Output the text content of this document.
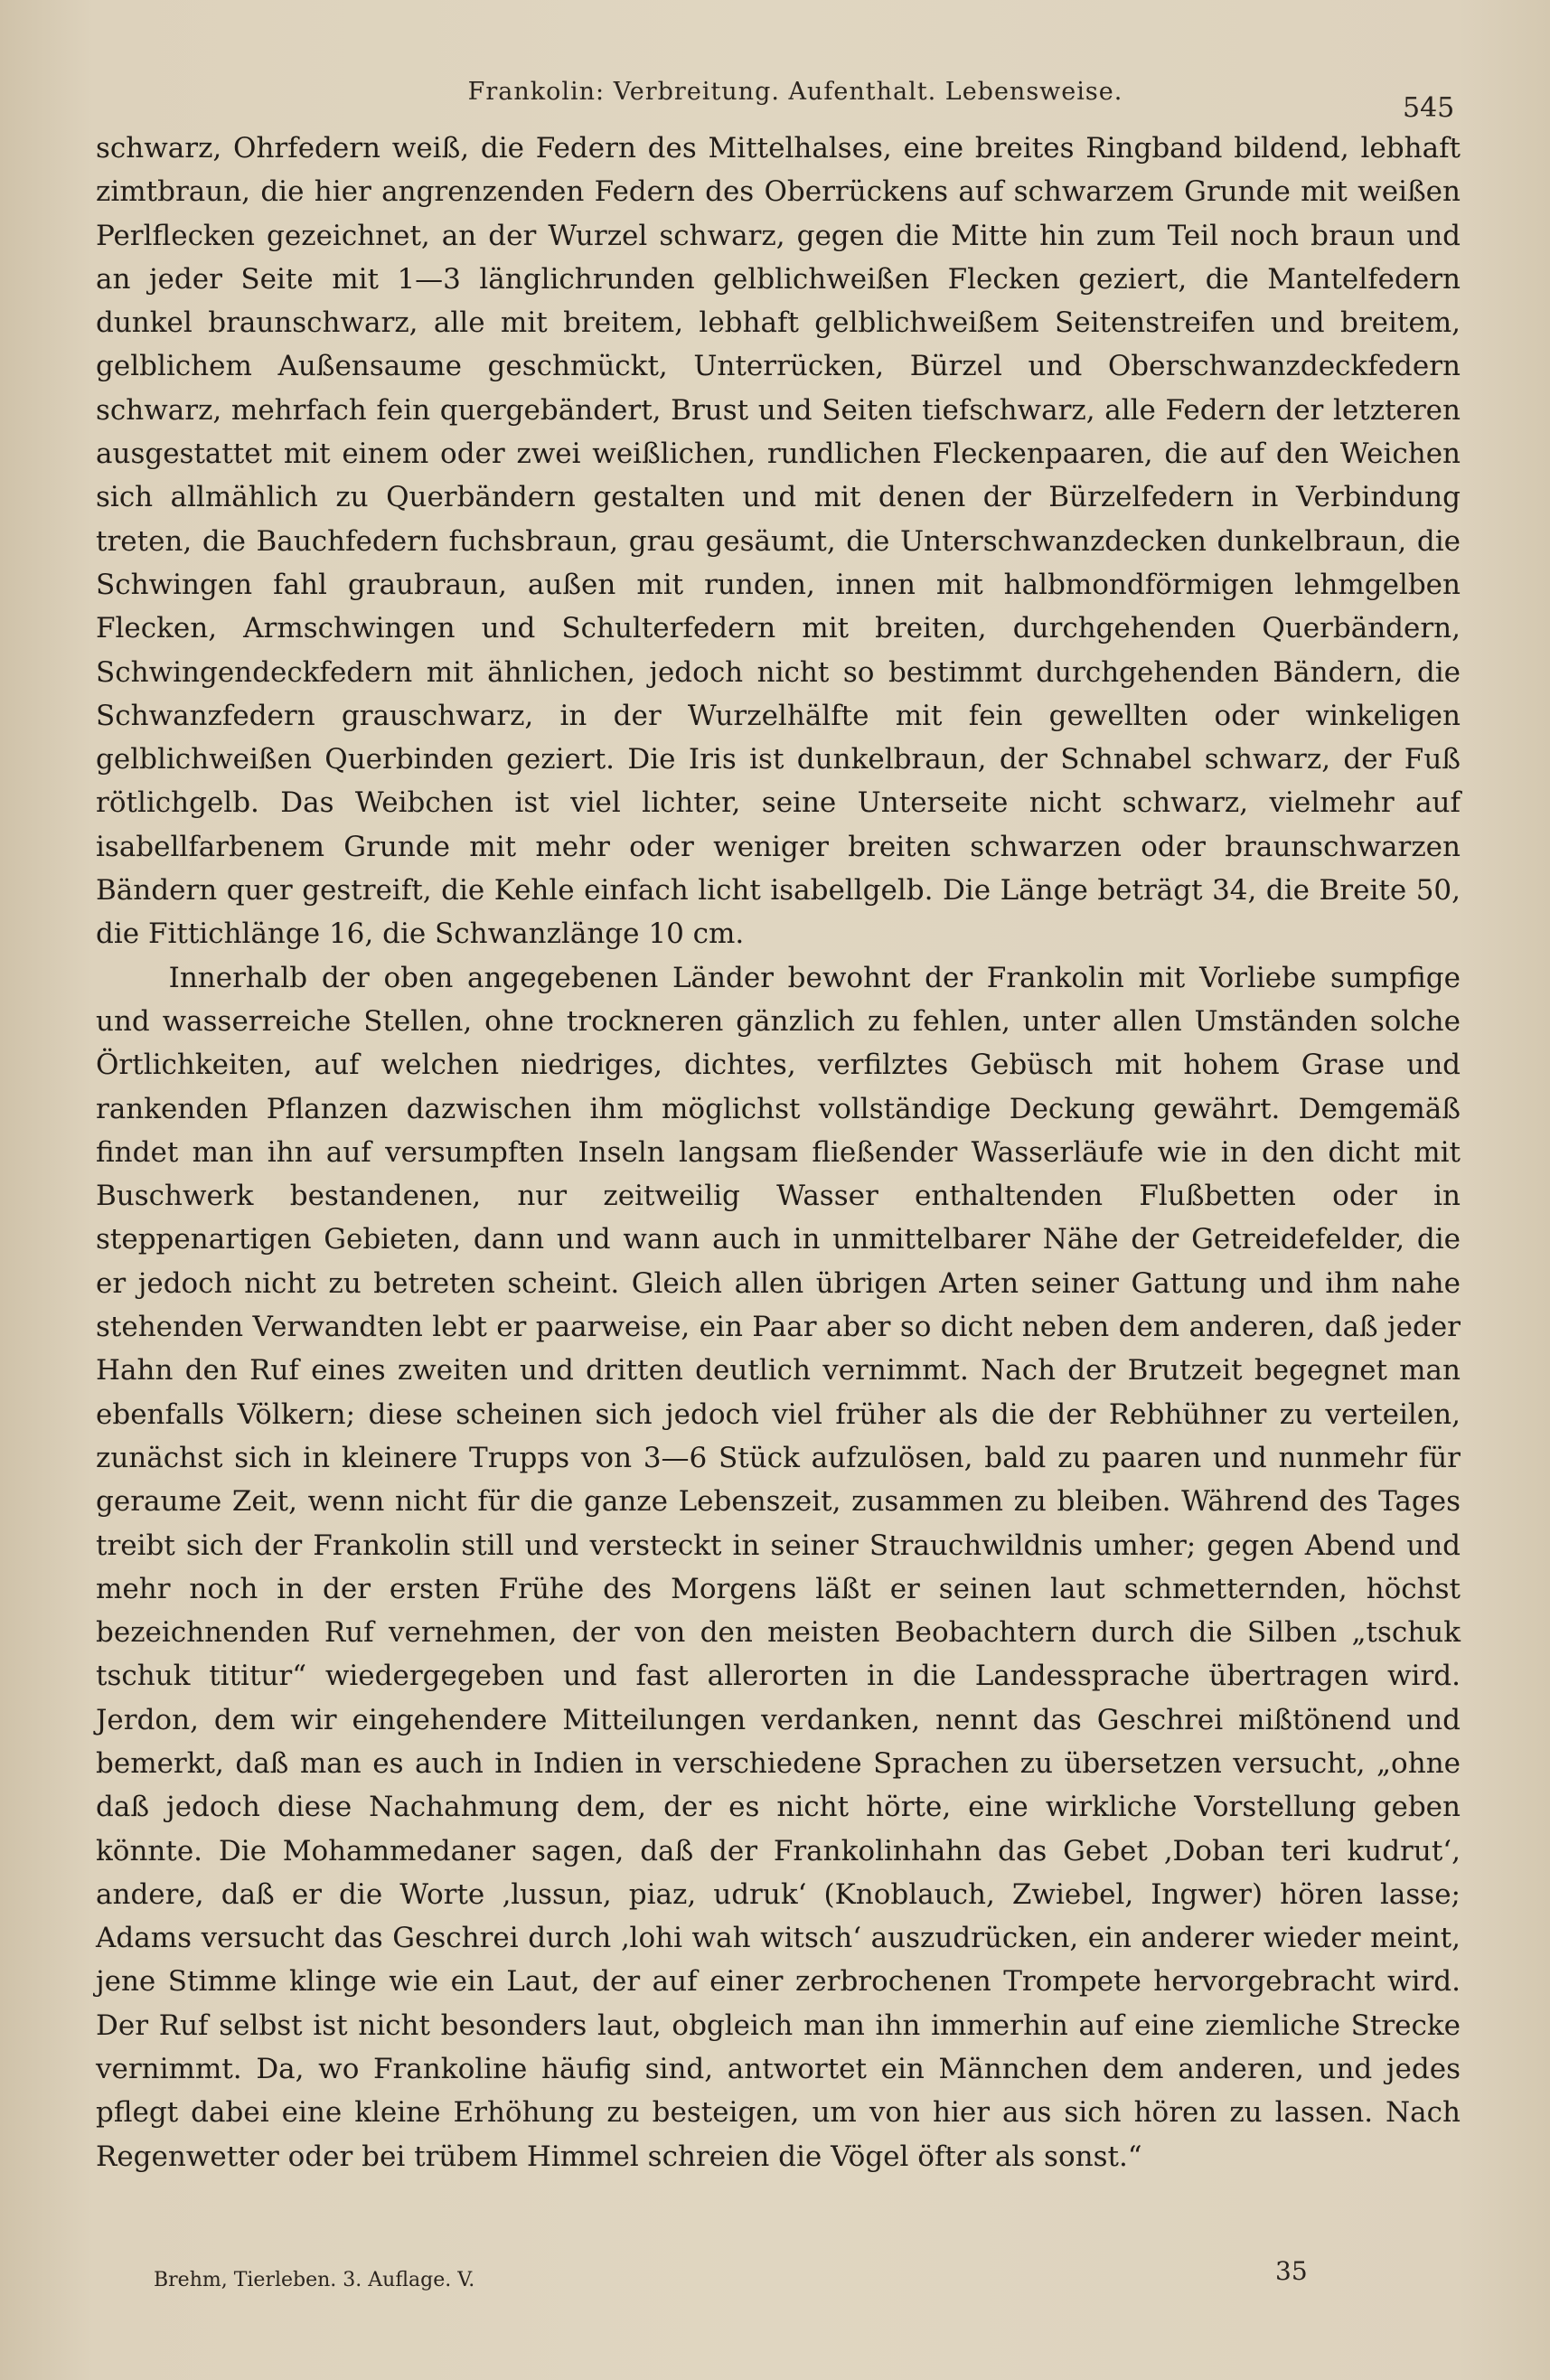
Frankolin: Verbreitung. Aufenthalt. Lebensweise.
545

schwarz, Ohrfedern weiß, die Federn des Mittelhalses, eine breites Ringband bildend, lebhaft zimtbraun, die hier angrenzenden Federn des Oberrückens auf schwarzem Grunde mit weißen Perlflecken gezeichnet, an der Wurzel schwarz, gegen die Mitte hin zum Teil noch braun und an jeder Seite mit 1—3 länglichrunden gelblichweißen Flecken geziert, die Mantelfedern dunkel braunschwarz, alle mit breitem, lebhaft gelblichweißem Seitenstreifen und breitem, gelblichem Außensaume geschmückt, Unterrücken, Bürzel und Oberschwanzdeckfedern schwarz, mehrfach fein quergebändert, Brust und Seiten tiefschwarz, alle Federn der letzteren ausgestattet mit einem oder zwei weißlichen, rundlichen Fleckenpaaren, die auf den Weichen sich allmählich zu Querbändern gestalten und mit denen der Bürzelfedern in Verbindung treten, die Bauchfedern fuchsbraun, grau gesäumt, die Unterschwanzdecken dunkelbraun, die Schwingen fahl graubraun, außen mit runden, innen mit halbmondförmigen lehmgelben Flecken, Armschwingen und Schulterfedern mit breiten, durchgehenden Querbändern, Schwingendeckfedern mit ähnlichen, jedoch nicht so bestimmt durchgehenden Bändern, die Schwanzfedern grauschwarz, in der Wurzelhälfte mit fein gewellten oder winkeligen gelblichweißen Querbinden geziert. Die Iris ist dunkelbraun, der Schnabel schwarz, der Fuß rötlichgelb. Das Weibchen ist viel lichter, seine Unterseite nicht schwarz, vielmehr auf isabellfarbenem Grunde mit mehr oder weniger breiten schwarzen oder braunschwarzen Bändern quer gestreift, die Kehle einfach licht isabellgelb. Die Länge beträgt 34, die Breite 50, die Fittichlänge 16, die Schwanzlänge 10 cm.

Innerhalb der oben angegebenen Länder bewohnt der Frankolin mit Vorliebe sumpfige und wasserreiche Stellen, ohne trockneren gänzlich zu fehlen, unter allen Umständen solche Örtlichkeiten, auf welchen niedriges, dichtes, verfilztes Gebüsch mit hohem Grase und rankenden Pflanzen dazwischen ihm möglichst vollständige Deckung gewährt. Demgemäß findet man ihn auf versumpften Inseln langsam fließender Wasserläufe wie in den dicht mit Buschwerk bestandenen, nur zeitweilig Wasser enthaltenden Flußbetten oder in steppenartigen Gebieten, dann und wann auch in unmittelbarer Nähe der Getreidefelder, die er jedoch nicht zu betreten scheint. Gleich allen übrigen Arten seiner Gattung und ihm nahe stehenden Verwandten lebt er paarweise, ein Paar aber so dicht neben dem anderen, daß jeder Hahn den Ruf eines zweiten und dritten deutlich vernimmt. Nach der Brutzeit begegnet man ebenfalls Völkern; diese scheinen sich jedoch viel früher als die der Rebhühner zu verteilen, zunächst sich in kleinere Trupps von 3—6 Stück aufzulösen, bald zu paaren und nunmehr für geraume Zeit, wenn nicht für die ganze Lebenszeit, zusammen zu bleiben. Während des Tages treibt sich der Frankolin still und versteckt in seiner Strauchwildnis umher; gegen Abend und mehr noch in der ersten Frühe des Morgens läßt er seinen laut schmetternden, höchst bezeichnenden Ruf vernehmen, der von den meisten Beobachtern durch die Silben „tschuk tschuk tititur“ wiedergegeben und fast allerorten in die Landessprache übertragen wird. Jerdon, dem wir eingehendere Mitteilungen verdanken, nennt das Geschrei mißtönend und bemerkt, daß man es auch in Indien in verschiedene Sprachen zu übersetzen versucht, „ohne daß jedoch diese Nachahmung dem, der es nicht hörte, eine wirkliche Vorstellung geben könnte. Die Mohammedaner sagen, daß der Frankolinhahn das Gebet ‚Doban teri kudrut‘, andere, daß er die Worte ‚lussun, piaz, udruk‘ (Knoblauch, Zwiebel, Ingwer) hören lasse; Adams versucht das Geschrei durch ‚lohi wah witsch‘ auszudrücken, ein anderer wieder meint, jene Stimme klinge wie ein Laut, der auf einer zerbrochenen Trompete hervorgebracht wird. Der Ruf selbst ist nicht besonders laut, obgleich man ihn immerhin auf eine ziemliche Strecke vernimmt. Da, wo Frankoline häufig sind, antwortet ein Männchen dem anderen, und jedes pflegt dabei eine kleine Erhöhung zu besteigen, um von hier aus sich hören zu lassen. Nach Regenwetter oder bei trübem Himmel schreien die Vögel öfter als sonst.“

Brehm, Tierleben. 3. Auflage. V.	35
